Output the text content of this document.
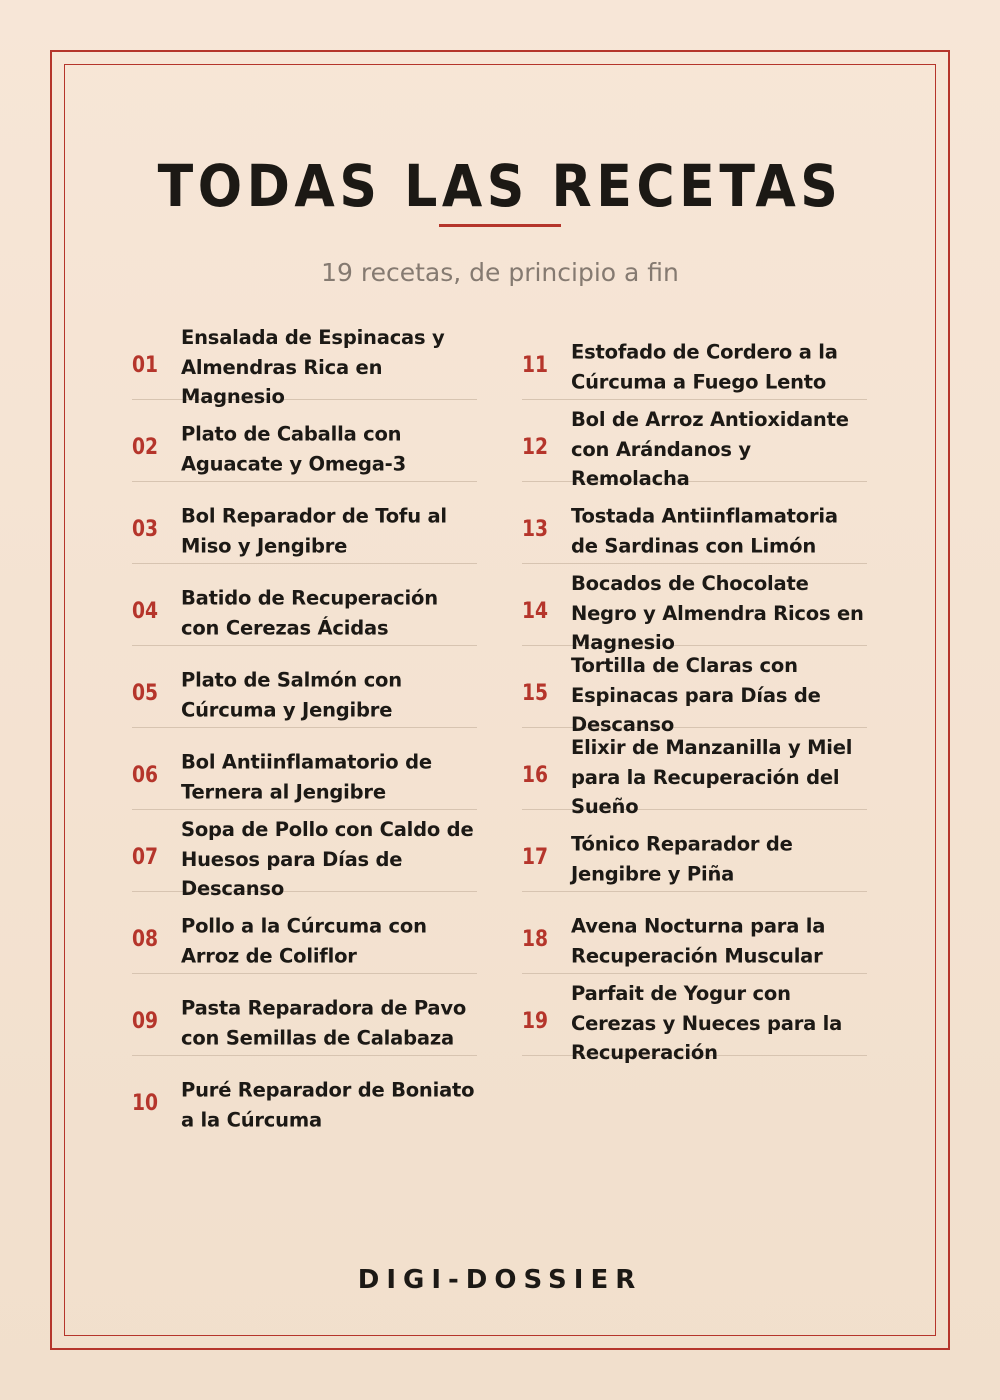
TODAS LAS RECETAS
19 recetas, de principio a fin
01
Ensalada de Espinacas y Almendras Rica en Magnesio
02
Plato de Caballa con Aguacate y Omega-3
03
Bol Reparador de Tofu al Miso y Jengibre
04
Batido de Recuperación con Cerezas Ácidas
05
Plato de Salmón con Cúrcuma y Jengibre
06
Bol Antiinflamatorio de Ternera al Jengibre
07
Sopa de Pollo con Caldo de Huesos para Días de Descanso
08
Pollo a la Cúrcuma con Arroz de Coliflor
09
Pasta Reparadora de Pavo con Semillas de Calabaza
10
Puré Reparador de Boniato a la Cúrcuma
11
Estofado de Cordero a la Cúrcuma a Fuego Lento
12
Bol de Arroz Antioxidante con Arándanos y Remolacha
13
Tostada Antiinflamatoria de Sardinas con Limón
14
Bocados de Chocolate Negro y Almendra Ricos en Magnesio
15
Tortilla de Claras con Espinacas para Días de Descanso
16
Elixir de Manzanilla y Miel para la Recuperación del Sueño
17
Tónico Reparador de Jengibre y Piña
18
Avena Nocturna para la Recuperación Muscular
19
Parfait de Yogur con Cerezas y Nueces para la Recuperación
DIGI-DOSSIER
